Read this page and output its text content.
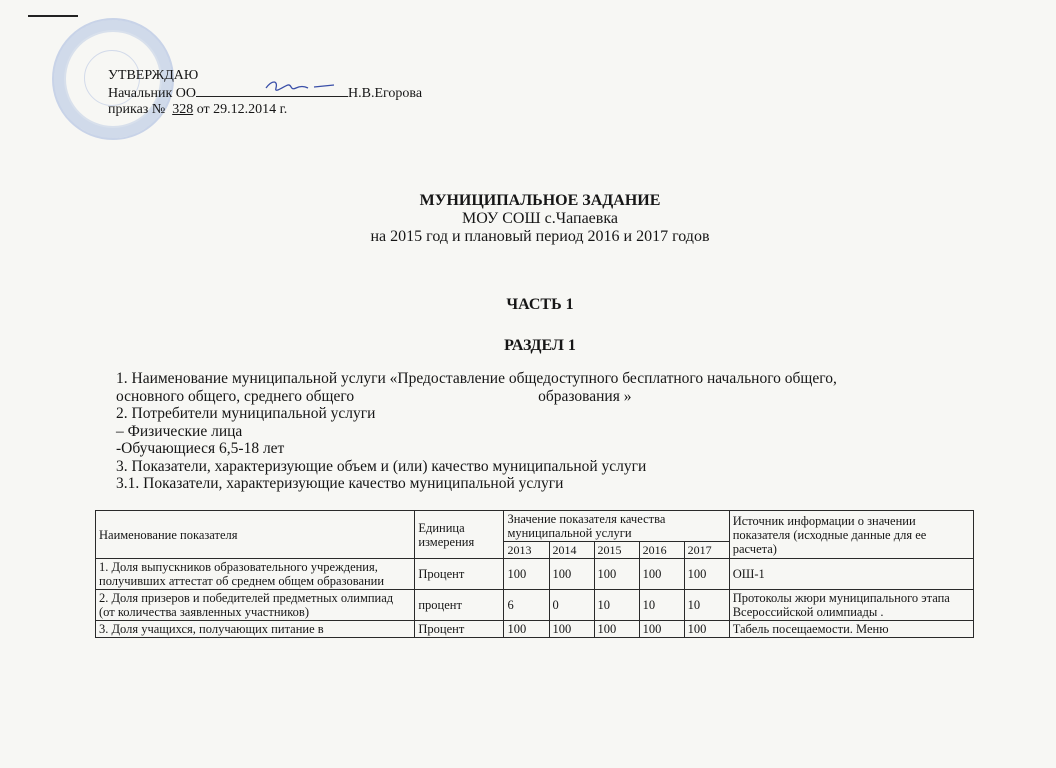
УТВЕРЖДАЮ
Начальник ОО	Н.В.Егорова
приказ № 328 от 29.12.2014 г.
МУНИЦИПАЛЬНОЕ ЗАДАНИЕ
МОУ СОШ с.Чапаевка
на 2015 год и плановый период 2016 и 2017 годов
ЧАСТЬ 1
РАЗДЕЛ 1
1. Наименование муниципальной услуги «Предоставление общедоступного бесплатного начального общего,
основного общего, среднего общего	образования »
2. Потребители муниципальной услуги
– Физические лица
-Обучающиеся 6,5-18 лет
3. Показатели, характеризующие объем и (или) качество муниципальной услуги
3.1. Показатели, характеризующие качество муниципальной услуги
Наименование показателя	Единица измерения	Значение показателя качества муниципальной услуги					Источник информации о значении показателя (исходные данные для ее расчета)
		2013	2014	2015	2016	2017	
1. Доля выпускников образовательного учреждения, получивших аттестат об среднем общем образовании	Процент	100	100	100	100	100	ОШ-1
2. Доля призеров и победителей предметных олимпиад (от количества заявленных участников)	процент	6	0	10	10	10	Протоколы жюри муниципального этапа Всероссийской олимпиады .
3. Доля учащихся, получающих питание в	Процент	100	100	100	100	100	Табель посещаемости. Меню
